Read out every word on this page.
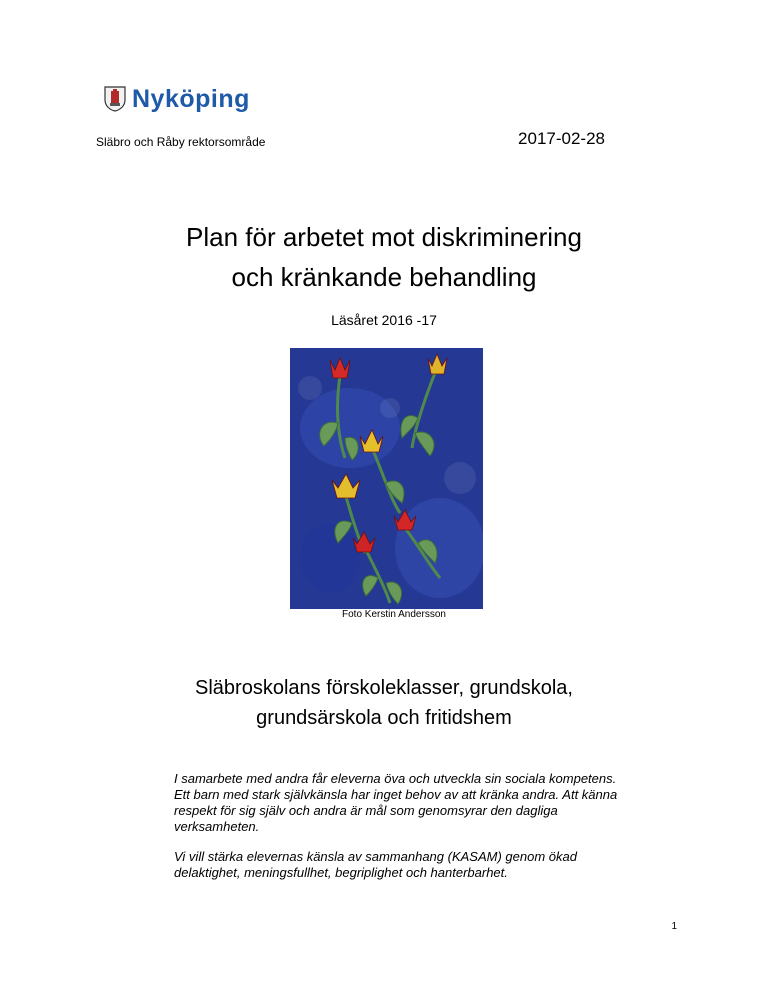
Nyköping
Släbro och Råby rektorsområde	2017-02-28
Plan för arbetet mot diskriminering
och kränkande behandling
Läsåret 2016 -17
Foto Kerstin Andersson
Släbroskolans förskoleklasser, grundskola,
grundsärskola och fritidshem
I samarbete med andra får eleverna öva och utveckla sin sociala kompetens. Ett barn med stark självkänsla har inget behov av att kränka andra. Att känna respekt för sig själv och andra är mål som genomsyrar den dagliga verksamheten.
Vi vill stärka elevernas känsla av sammanhang (KASAM) genom ökad delaktighet, meningsfullhet, begriplighet och hanterbarhet.
1
